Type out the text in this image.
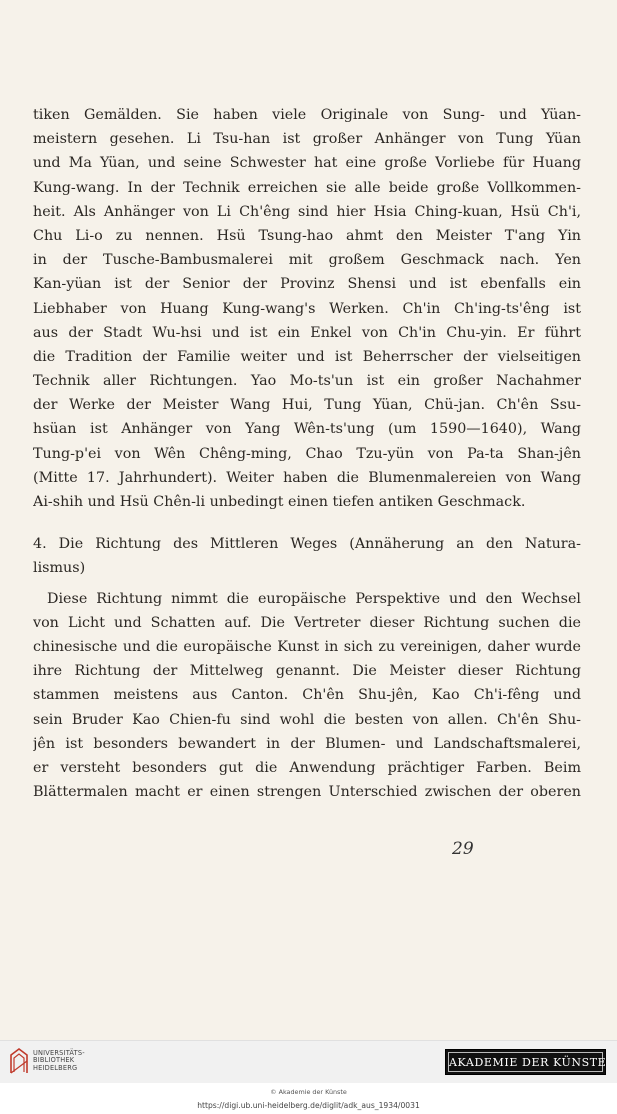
tiken Gemälden. Sie haben viele Originale von Sung- und Yüan-
meistern gesehen. Li Tsu-han ist großer Anhänger von Tung Yüan
und Ma Yüan, und seine Schwester hat eine große Vorliebe für Huang
Kung-wang. In der Technik erreichen sie alle beide große Vollkommen-
heit. Als Anhänger von Li Ch'êng sind hier Hsia Ching-kuan, Hsü Ch'i,
Chu Li-o zu nennen. Hsü Tsung-hao ahmt den Meister T'ang Yin
in der Tusche-Bambusmalerei mit großem Geschmack nach. Yen
Kan-yüan ist der Senior der Provinz Shensi und ist ebenfalls ein
Liebhaber von Huang Kung-wang's Werken. Ch'in Ch'ing-ts'êng ist
aus der Stadt Wu-hsi und ist ein Enkel von Ch'in Chu-yin. Er führt
die Tradition der Familie weiter und ist Beherrscher der vielseitigen
Technik aller Richtungen. Yao Mo-ts'un ist ein großer Nachahmer
der Werke der Meister Wang Hui, Tung Yüan, Chü-jan. Ch'ên Ssu-
hsüan ist Anhänger von Yang Wên-ts'ung (um 1590—1640), Wang
Tung-p'ei von Wên Chêng-ming, Chao Tzu-yün von Pa-ta Shan-jên
(Mitte 17. Jahrhundert). Weiter haben die Blumenmalereien von Wang
Ai-shih und Hsü Chên-li unbedingt einen tiefen antiken Geschmack.
4. Die Richtung des Mittleren Weges (Annäherung an den Natura-
lismus)
Diese Richtung nimmt die europäische Perspektive und den Wechsel
von Licht und Schatten auf. Die Vertreter dieser Richtung suchen die
chinesische und die europäische Kunst in sich zu vereinigen, daher wurde
ihre Richtung der Mittelweg genannt. Die Meister dieser Richtung
stammen meistens aus Canton. Ch'ên Shu-jên, Kao Ch'i-fêng und
sein Bruder Kao Chien-fu sind wohl die besten von allen. Ch'ên Shu-
jên ist besonders bewandert in der Blumen- und Landschaftsmalerei,
er versteht besonders gut die Anwendung prächtiger Farben. Beim
Blättermalen macht er einen strengen Unterschied zwischen der oberen
29
UNIVERSITÄTS-
BIBLIOTHEK
HEIDELBERG	AKADEMIE DER KÜNSTE
© Akademie der Künste
https://digi.ub.uni-heidelberg.de/diglit/adk_aus_1934/0031
